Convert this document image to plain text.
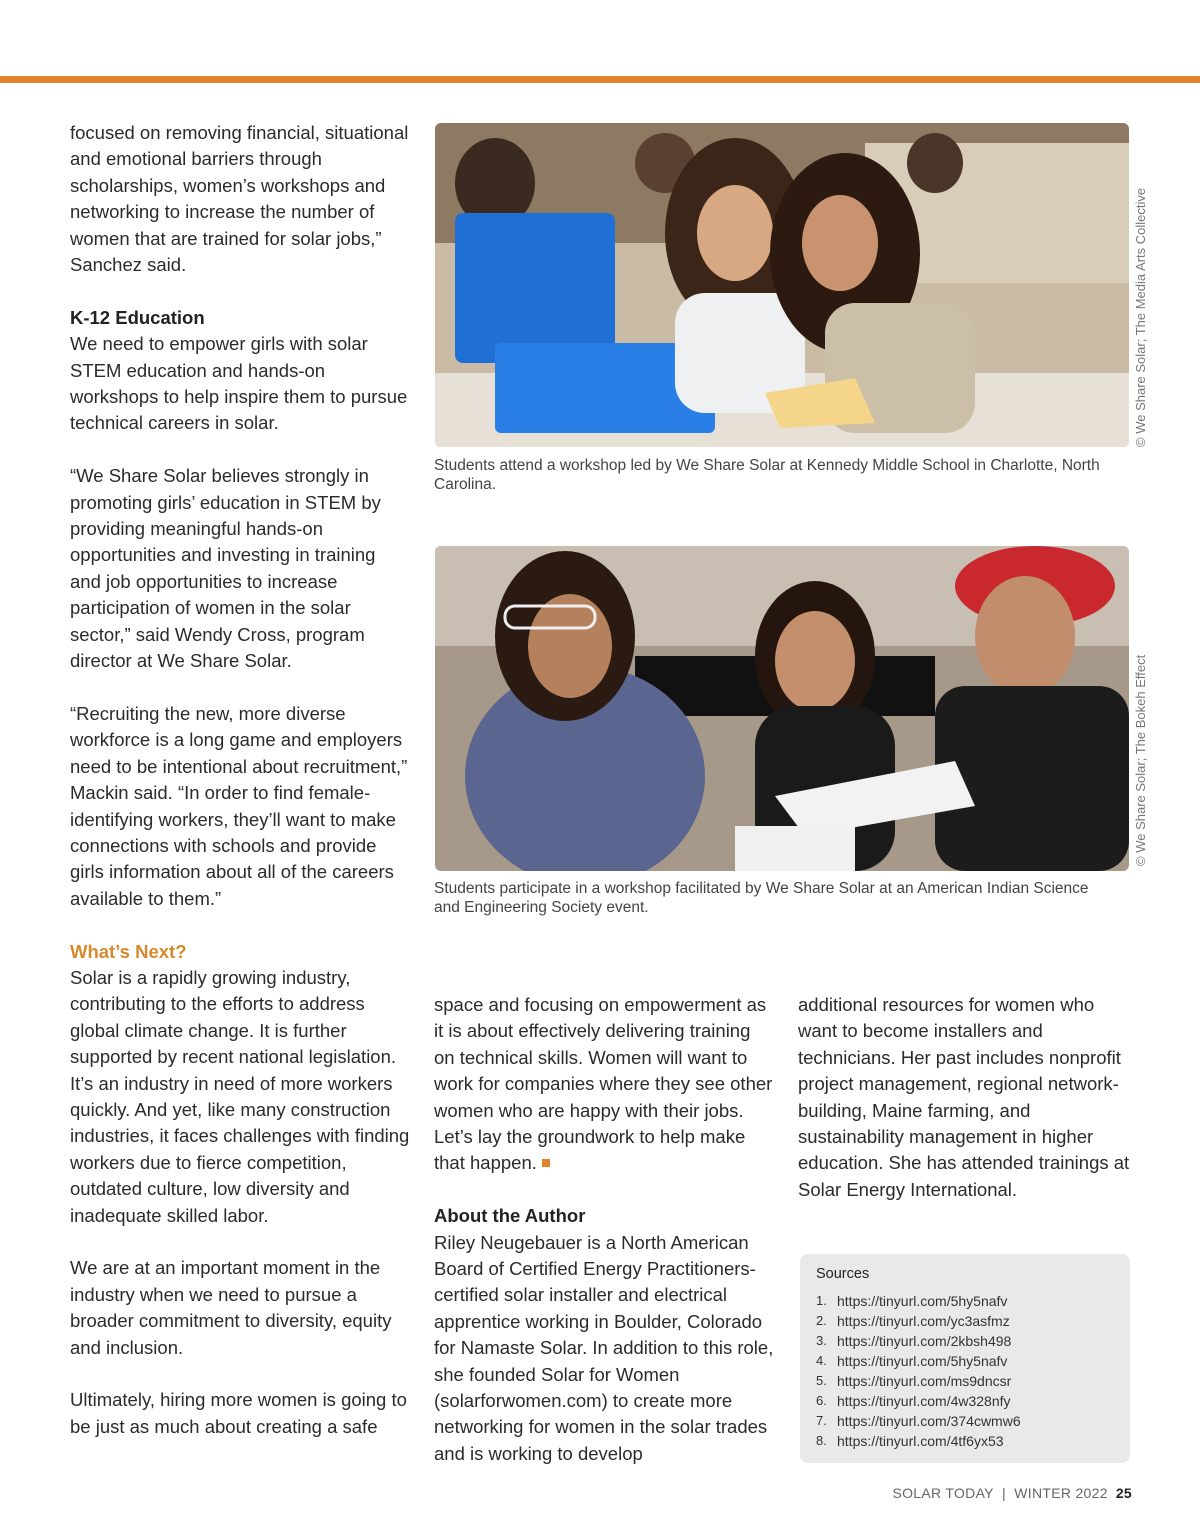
focused on removing financial, situational and emotional barriers through scholarships, women’s workshops and networking to increase the number of women that are trained for solar jobs,” Sanchez said.

K-12 Education

We need to empower girls with solar STEM education and hands-on workshops to help inspire them to pursue technical careers in solar.

“We Share Solar believes strongly in promoting girls’ education in STEM by providing meaningful hands-on opportunities and investing in training and job opportunities to increase participation of women in the solar sector,” said Wendy Cross, program director at We Share Solar.

“Recruiting the new, more diverse workforce is a long game and employers need to be intentional about recruitment,” Mackin said. “In order to find female-identifying workers, they’ll want to make connections with schools and provide girls information about all of the careers available to them.”

What’s Next?

Solar is a rapidly growing industry, contributing to the efforts to address global climate change. It is further supported by recent national legislation. It’s an industry in need of more workers quickly. And yet, like many construction industries, it faces challenges with finding workers due to fierce competition, outdated culture, low diversity and inadequate skilled labor.

We are at an important moment in the industry when we need to pursue a broader commitment to diversity, equity and inclusion.

Ultimately, hiring more women is going to be just as much about creating a safe

© We Share Solar; The Media Arts Collective
Students attend a workshop led by We Share Solar at Kennedy Middle School in Charlotte, North Carolina.
© We Share Solar; The Bokeh Effect
Students participate in a workshop facilitated by We Share Solar at an American Indian Science and Engineering Society event.

space and focusing on empowerment as it is about effectively delivering training on technical skills. Women will want to work for companies where they see other women who are happy with their jobs. Let’s lay the groundwork to help make that happen.

About the Author

Riley Neugebauer is a North American Board of Certified Energy Practitioners-certified solar installer and electrical apprentice working in Boulder, Colorado for Namaste Solar. In addition to this role, she founded Solar for Women (solarforwomen.com) to create more networking for women in the solar trades and is working to develop

additional resources for women who want to become installers and technicians. Her past includes nonprofit project management, regional network-building, Maine farming, and sustainability management in higher education. She has attended trainings at Solar Energy International.

Sources
1. https://tinyurl.com/5hy5nafv
2. https://tinyurl.com/yc3asfmz
3. https://tinyurl.com/2kbsh498
4. https://tinyurl.com/5hy5nafv
5. https://tinyurl.com/ms9dncsr
6. https://tinyurl.com/4w328nfy
7. https://tinyurl.com/374cwmw6
8. https://tinyurl.com/4tf6yx53
SOLAR TODAY  |  WINTER 2022 25
